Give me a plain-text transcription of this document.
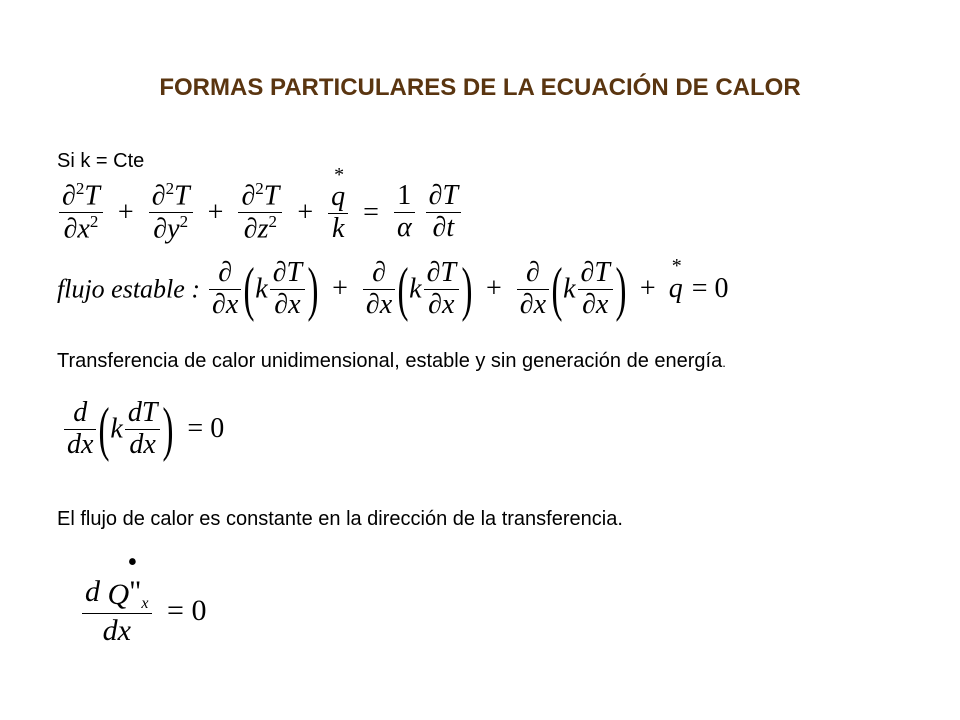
FORMAS PARTICULARES DE LA ECUACIÓN DE CALOR
Si k = Cte
$\frac{\partial^2T}{\partial x^2} + \frac{\partial^2T}{\partial y^2} + \frac{\partial^2T}{\partial z^2}$ + *
q
$k = \frac{1}{\alpha}$
$\frac{\partial T}{\partial t}$
flujo estable : $\frac{\partial}{\partial x} (k \frac{\partial T}{\partial x}$ ) + $\frac{\partial}{\partial x} (k \frac{\partial T}{\partial x}$ ) + $\frac{\partial}{\partial x} (k \frac{\partial T}{\partial x}$ ) +
*
q = 0
Transferencia de calor unidimensional, estable y sin generación de energía.
$\frac{d}{dx} (k \frac{dT}{dx}$ ) = 0
El flujo de calor es constante en la dirección de la transferencia.
d
•
$Q"_x$
dx = 0
